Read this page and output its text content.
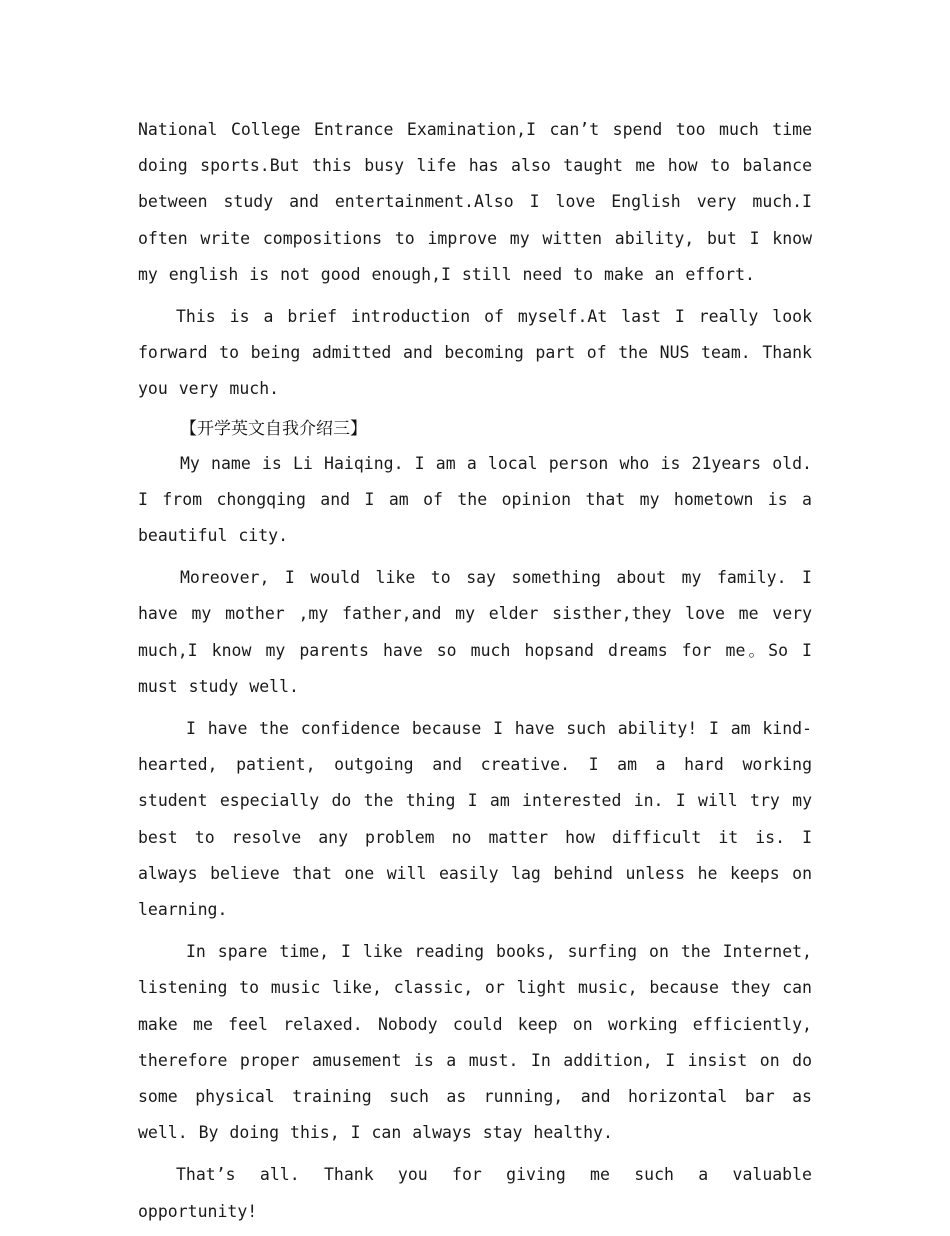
National College Entrance Examination,I can’t spend too much time doing sports.But this busy life has also taught me how to balance between study and entertainment.Also I love English very much.I often write compositions to improve my witten ability, but I know my english is not good enough,I still need to make an effort.

This is a brief introduction of myself.At last I really look forward to being admitted and becoming part of the NUS team. Thank you very much.

【开学英文自我介绍三】

My name is Li Haiqing. I am a local person who is 21years old. I from chongqing and I am of the opinion that my hometown is a beautiful city.

Moreover, I would like to say something about my family. I have my mother ,my father,and my elder sisther,they love me very much,I know my parents have so much hopsand dreams for me。So I must study well.

I have the confidence because I have such ability! I am kind-hearted, patient, outgoing and creative. I am a hard working student especially do the thing I am interested in. I will try my best to resolve any problem no matter how difficult it is. I always believe that one will easily lag behind unless he keeps on learning.

In spare time, I like reading books, surfing on the Internet, listening to music like, classic, or light music, because they can make me feel relaxed. Nobody could keep on working efficiently, therefore proper amusement is a must. In addition, I insist on do some physical training such as running, and horizontal bar as well. By doing this, I can always stay healthy.

That’s all. Thank you for giving me such a valuable opportunity!
